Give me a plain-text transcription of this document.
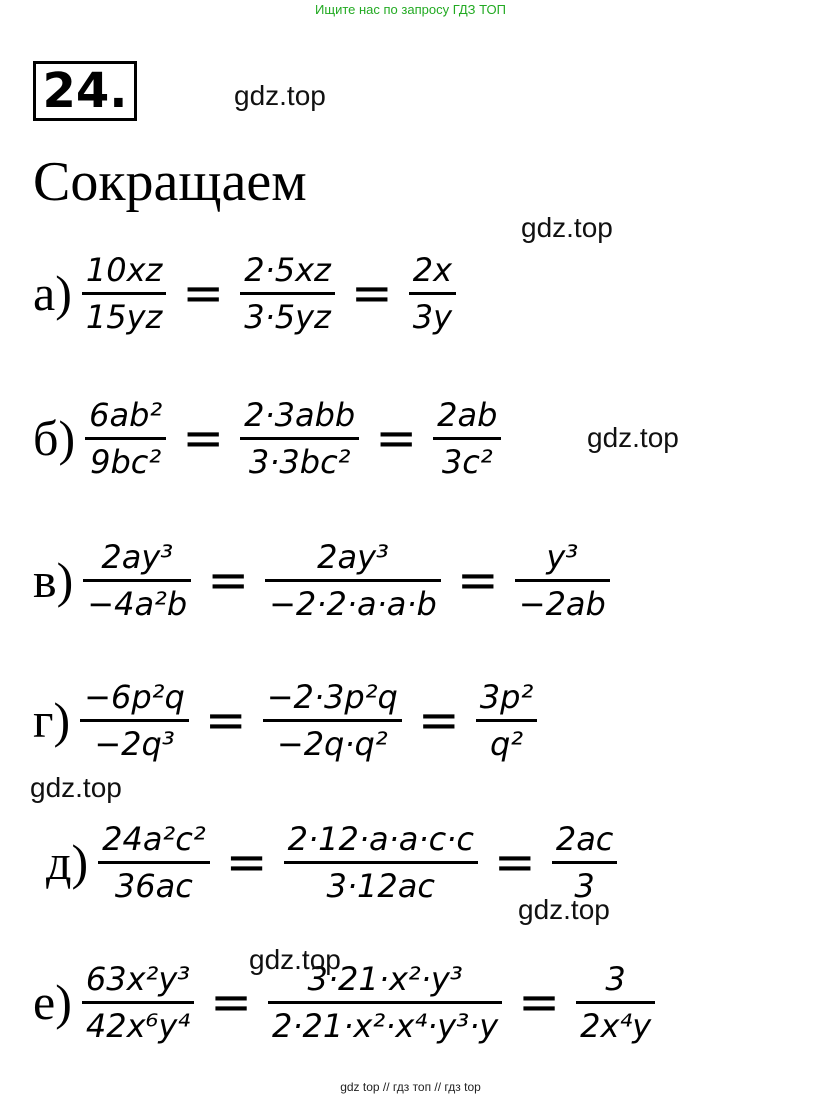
Ищите нас по запросу ГДЗ ТОП
24.	gdz.top
Сокращаем
gdz.top
$а) \frac{10xz}{15yz} = \frac{2\cdot 5xz}{3\cdot 5yz} = \frac{2x}{3y}$
$б) \frac{\text{6ab²}}{\text{9bc²}} = \frac{\text{2·3abb}}{\text{3·3bc²}} = \frac{2ab}{\text{3c²}}$	gdz.top
$в) \frac{\text{2ay³}}{\text{−4a²b}} = \frac{\text{2ay³}}{-2\cdot 2\cdot a\cdot a\cdot b} = \frac{\text{y³}}{-2ab}$
$г) \frac{\text{−6p²q}}{\text{−2q³}} = \frac{\text{−2·3p²q}}{\text{−2q·q²}} = \frac{\text{3p²}}{\text{q²}}$
gdz.top
$д) \frac{\text{24a²c²}}{36ac} = \frac{2\cdot 12\cdot a\cdot a\cdot c\cdot c}{3\cdot 12ac} = \frac{2ac}{3}$
gdz.top
$е) \frac{\text{63x²y³}}{\text{42x⁶y⁴}} = \frac{\text{3·21·x²·y³}}{\text{2·21·x²·x⁴·y³·y}} = \frac{3}{\text{2x⁴y}}$
gdz.top
gdz top // гдз топ // гдз top
